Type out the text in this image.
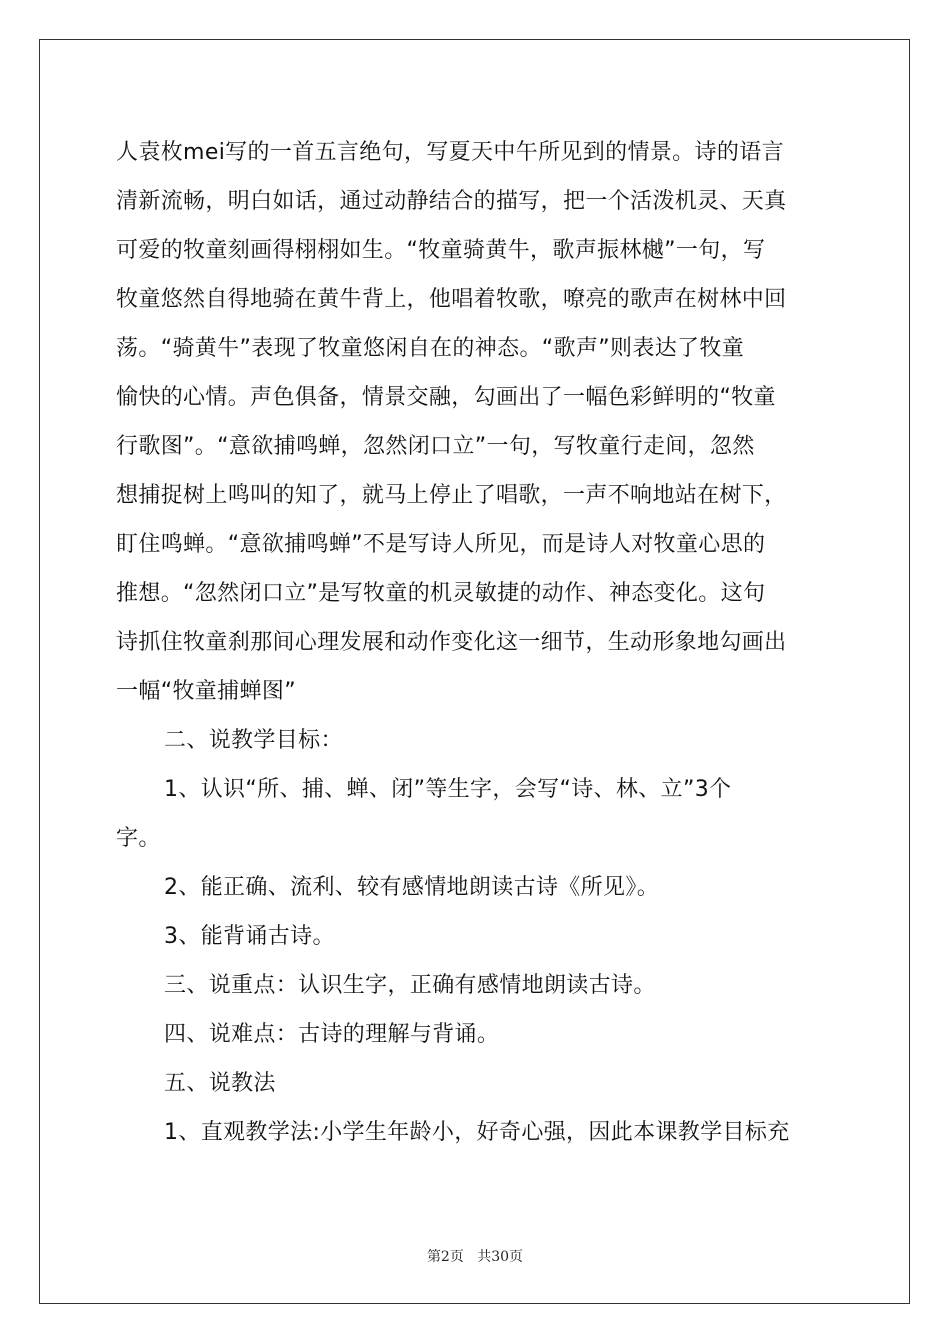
人袁枚mei写的一首五言绝句，写夏天中午所见到的情景。诗的语言
清新流畅，明白如话，通过动静结合的描写，把一个活泼机灵、天真
可爱的牧童刻画得栩栩如生。“牧童骑黄牛，歌声振林樾”一句，写
牧童悠然自得地骑在黄牛背上，他唱着牧歌，嘹亮的歌声在树林中回
荡。“骑黄牛”表现了牧童悠闲自在的神态。“歌声”则表达了牧童
愉快的心情。声色俱备，情景交融，勾画出了一幅色彩鲜明的“牧童
行歌图”。“意欲捕鸣蝉，忽然闭口立”一句，写牧童行走间，忽然
想捕捉树上鸣叫的知了，就马上停止了唱歌，一声不响地站在树下，
盯住鸣蝉。“意欲捕鸣蝉”不是写诗人所见，而是诗人对牧童心思的
推想。“忽然闭口立”是写牧童的机灵敏捷的动作、神态变化。这句
诗抓住牧童刹那间心理发展和动作变化这一细节，生动形象地勾画出
一幅“牧童捕蝉图”
二、说教学目标：
1、认识“所、捕、蝉、闭”等生字，会写“诗、林、立”3个
字。
2、能正确、流利、较有感情地朗读古诗《所见》。
3、能背诵古诗。
三、说重点：认识生字，正确有感情地朗读古诗。
四、说难点：古诗的理解与背诵。
五、说教法
1、直观教学法:小学生年龄小，好奇心强，因此本课教学目标充
第2页 共30页
